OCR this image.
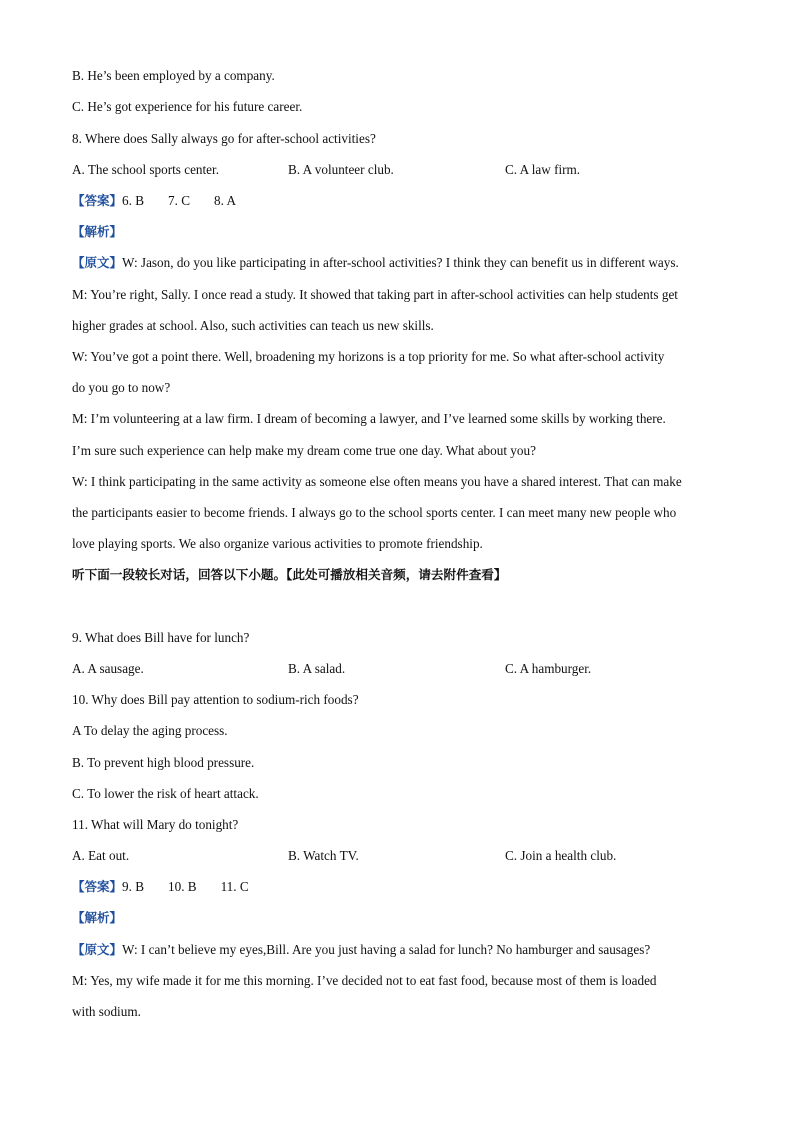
B. He’s been employed by a company.
C. He’s got experience for his future career.
8. Where does Sally always go for after-school activities?
A. The school sports center.	B. A volunteer club.	C. A law firm.
【答案】6. B 7. C 8. A
【解析】
【原文】W: Jason, do you like participating in after-school activities? I think they can benefit us in different ways.
M: You’re right, Sally. I once read a study. It showed that taking part in after-school activities can help students get
higher grades at school. Also, such activities can teach us new skills.
W: You’ve got a point there. Well, broadening my horizons is a top priority for me. So what after-school activity
do you go to now?
M: I’m volunteering at a law firm. I dream of becoming a lawyer, and I’ve learned some skills by working there.
I’m sure such experience can help make my dream come true one day. What about you?
W: I think participating in the same activity as someone else often means you have a shared interest. That can make
the participants easier to become friends. I always go to the school sports center. I can meet many new people who
love playing sports. We also organize various activities to promote friendship.
听下面一段较长对话，回答以下小题。【此处可播放相关音频，请去附件查看】
9. What does Bill have for lunch?
A. A sausage.	B. A salad.	C. A hamburger.
10. Why does Bill pay attention to sodium-rich foods?
A To delay the aging process.
B. To prevent high blood pressure.
C. To lower the risk of heart attack.
11. What will Mary do tonight?
A. Eat out.	B. Watch TV.	C. Join a health club.
【答案】9. B 10. B 11. C
【解析】
【原文】W: I can’t believe my eyes,Bill. Are you just having a salad for lunch? No hamburger and sausages?
M: Yes, my wife made it for me this morning. I’ve decided not to eat fast food, because most of them is loaded
with sodium.
